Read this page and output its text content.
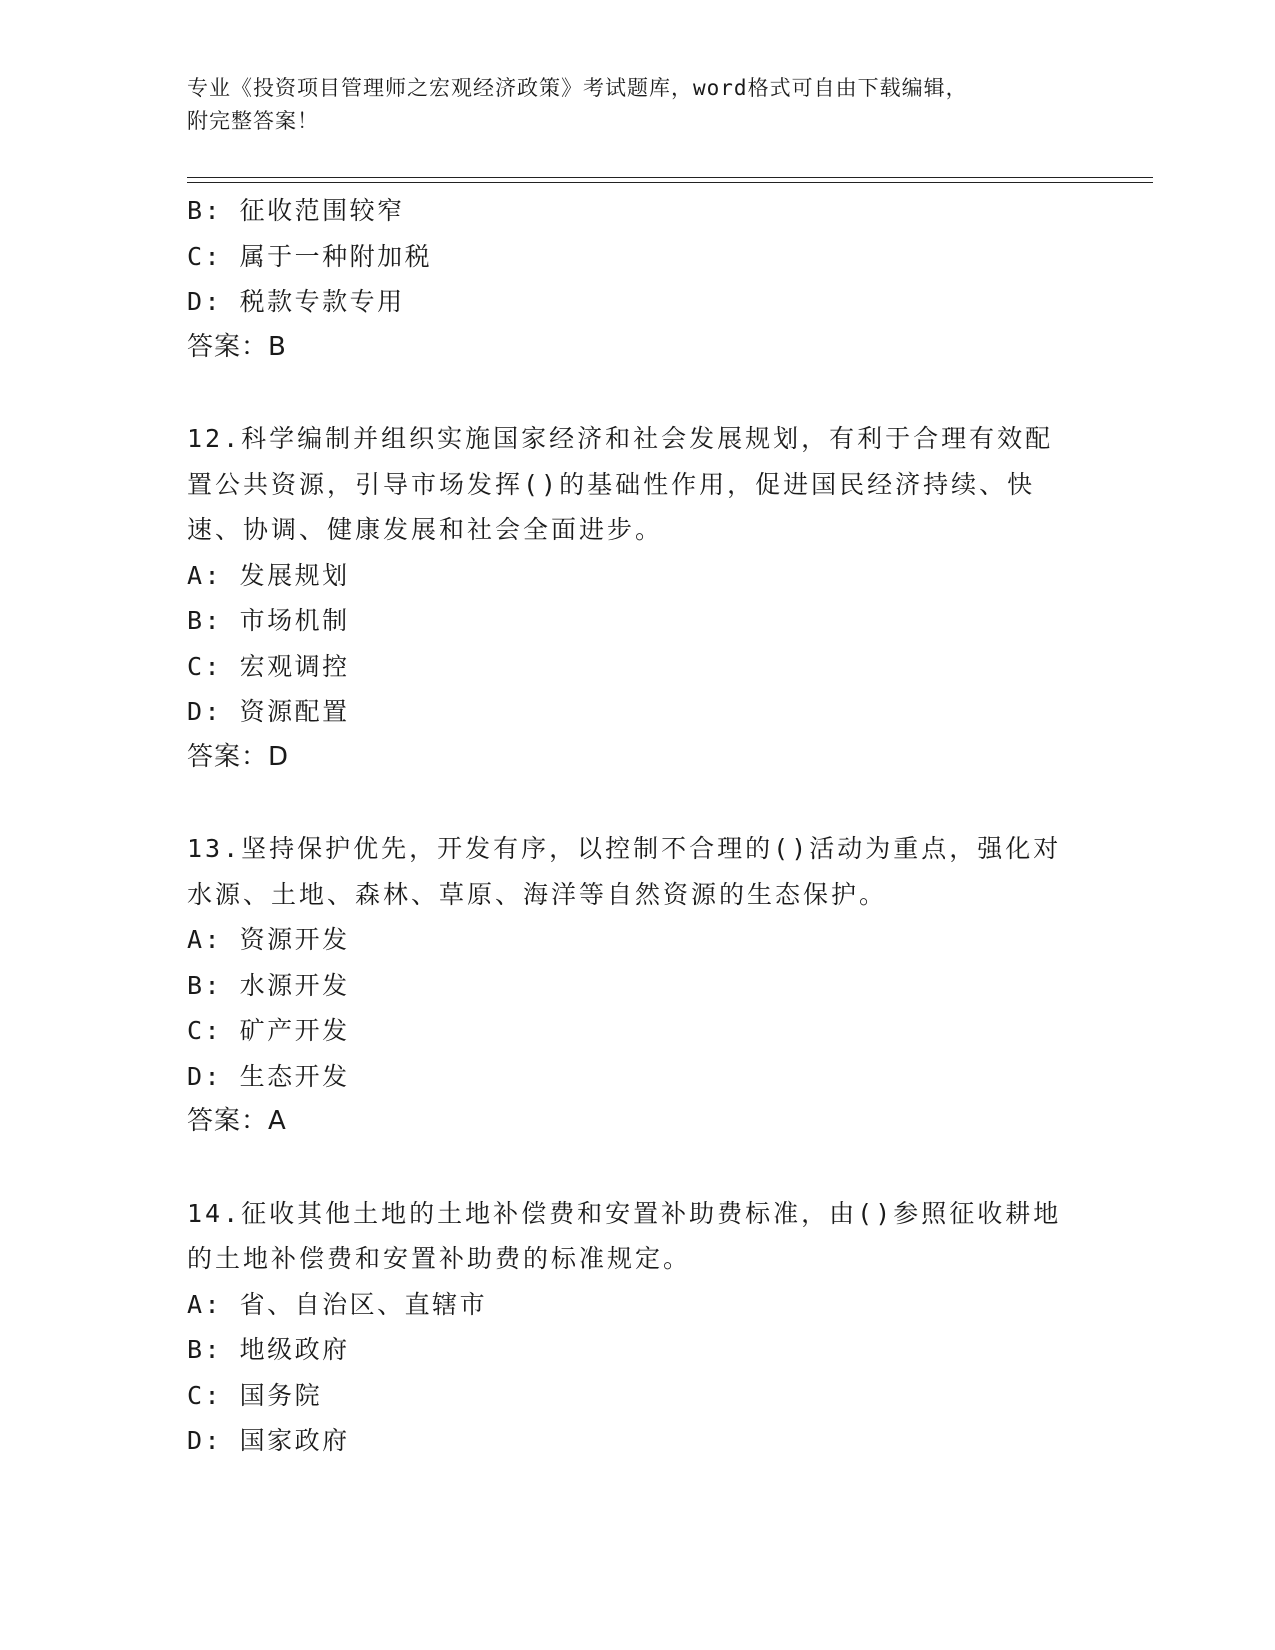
专业《投资项目管理师之宏观经济政策》考试题库，word格式可自由下载编辑，
附完整答案！
B: 征收范围较窄
C: 属于一种附加税
D: 税款专款专用
答案：B
12.科学编制并组织实施国家经济和社会发展规划，有利于合理有效配置公共资源，引导市场发挥()的基础性作用，促进国民经济持续、快速、协调、健康发展和社会全面进步。
A: 发展规划
B: 市场机制
C: 宏观调控
D: 资源配置
答案：D
13.坚持保护优先，开发有序，以控制不合理的()活动为重点，强化对水源、土地、森林、草原、海洋等自然资源的生态保护。
A: 资源开发
B: 水源开发
C: 矿产开发
D: 生态开发
答案：A
14.征收其他土地的土地补偿费和安置补助费标准，由()参照征收耕地的土地补偿费和安置补助费的标准规定。
A: 省、自治区、直辖市
B: 地级政府
C: 国务院
D: 国家政府
